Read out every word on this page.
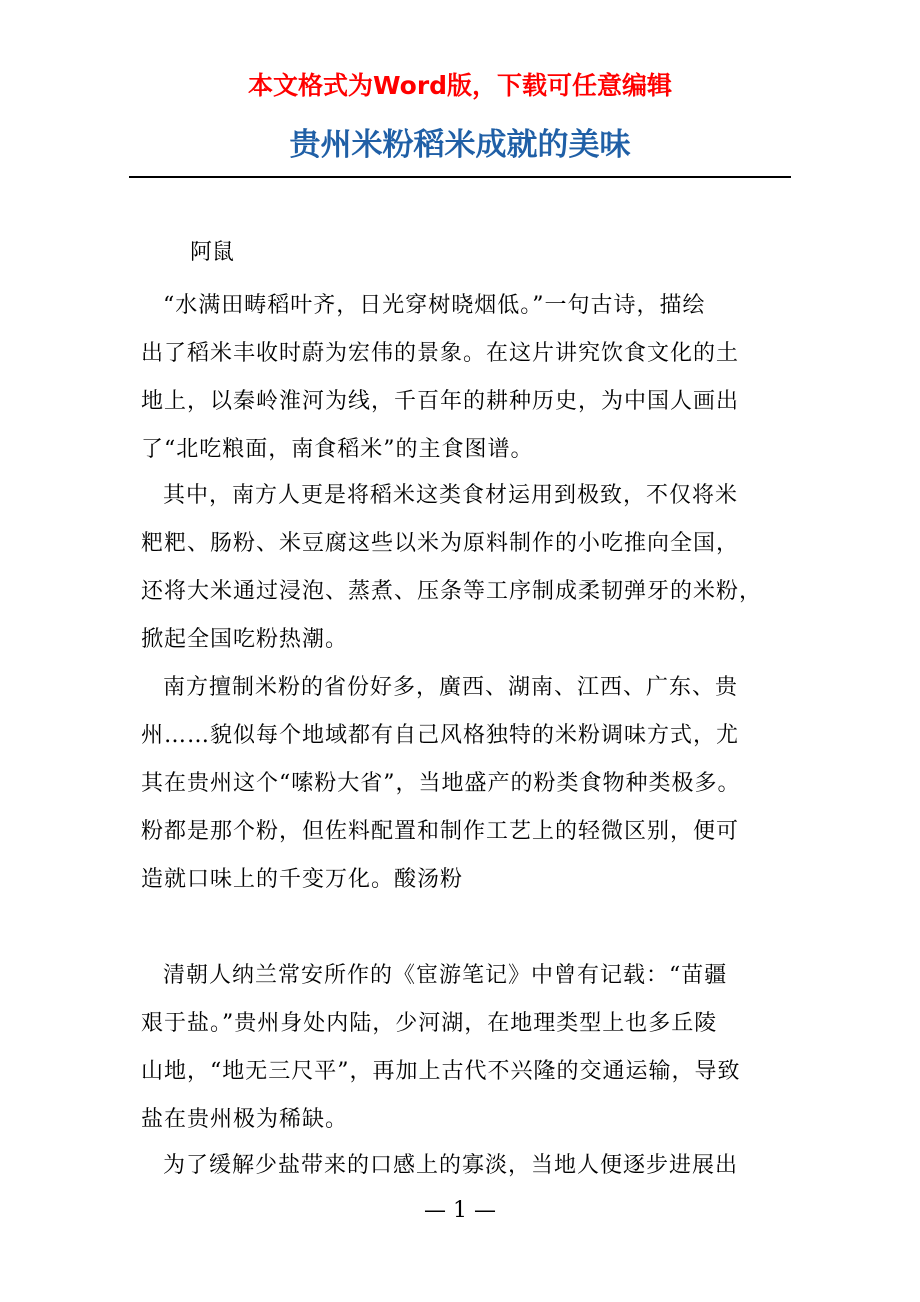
本文格式为Word版，下载可任意编辑
贵州米粉稻米成就的美味
阿鼠
“水满田畴稻叶齐，日光穿树晓烟低。”一句古诗，描绘
出了稻米丰收时蔚为宏伟的景象。在这片讲究饮食文化的土
地上，以秦岭淮河为线，千百年的耕种历史，为中国人画出
了“北吃粮面，南食稻米”的主食图谱。
其中，南方人更是将稻米这类食材运用到极致，不仅将米
粑粑、肠粉、米豆腐这些以米为原料制作的小吃推向全国，
还将大米通过浸泡、蒸煮、压条等工序制成柔韧弹牙的米粉，
掀起全国吃粉热潮。
南方擅制米粉的省份好多，廣西、湖南、江西、广东、贵
州……貌似每个地域都有自己风格独特的米粉调味方式，尤
其在贵州这个“嗦粉大省”，当地盛产的粉类食物种类极多。
粉都是那个粉，但佐料配置和制作工艺上的轻微区别，便可
造就口味上的千变万化。酸汤粉
清朝人纳兰常安所作的《宦游笔记》中曾有记载：“苗疆
艰于盐。”贵州身处内陆，少河湖，在地理类型上也多丘陵
山地，“地无三尺平”，再加上古代不兴隆的交通运输，导致
盐在贵州极为稀缺。
为了缓解少盐带来的口感上的寡淡，当地人便逐步进展出
— 1 —
